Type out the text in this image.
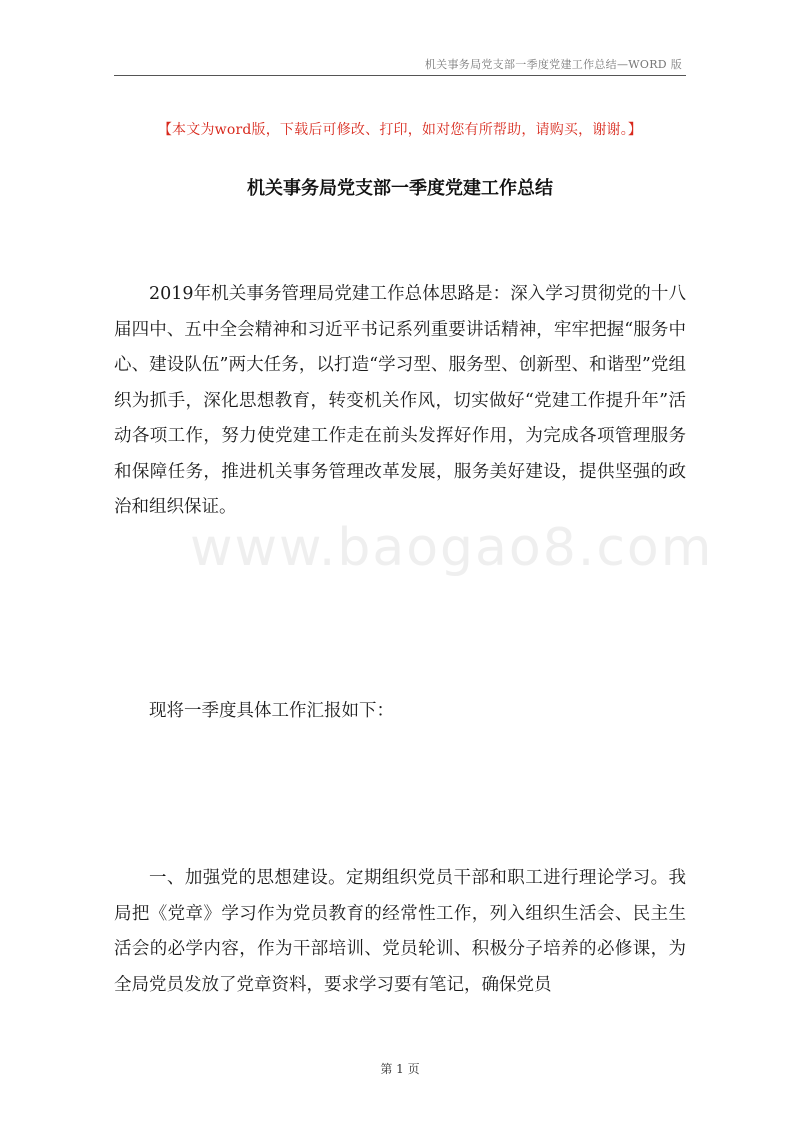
机关事务局党支部一季度党建工作总结—WORD 版
【本文为word版，下载后可修改、打印，如对您有所帮助，请购买，谢谢。】
机关事务局党支部一季度党建工作总结
www.baogao8.com

2019年机关事务管理局党建工作总体思路是：深入学习贯彻党的十八届四中、五中全会精神和习近平书记系列重要讲话精神，牢牢把握“服务中心、建设队伍”两大任务，以打造“学习型、服务型、创新型、和谐型”党组织为抓手，深化思想教育，转变机关作风，切实做好“党建工作提升年”活动各项工作，努力使党建工作走在前头发挥好作用，为完成各项管理服务和保障任务，推进机关事务管理改革发展，服务美好建设，提供坚强的政治和组织保证。

现将一季度具体工作汇报如下：

一、加强党的思想建设。定期组织党员干部和职工进行理论学习。我局把《党章》学习作为党员教育的经常性工作，列入组织生活会、民主生活会的必学内容，作为干部培训、党员轮训、积极分子培养的必修课，为全局党员发放了党章资料，要求学习要有笔记，确保党员

第 1 页
